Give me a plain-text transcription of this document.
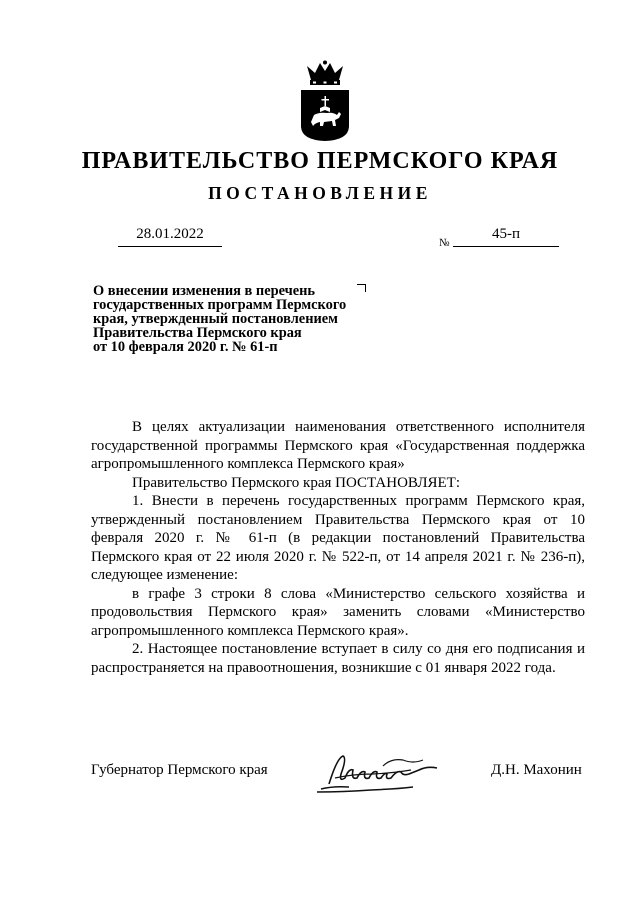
ПРАВИТЕЛЬСТВО ПЕРМСКОГО КРАЯ
ПОСТАНОВЛЕНИЕ
28.01.2022
№
45-п
О внесении изменения в перечень
государственных программ Пермского
края, утвержденный постановлением
Правительства Пермского края
от 10 февраля 2020 г. № 61-п

В целях актуализации наименования ответственного исполнителя государственной программы Пермского края «Государственная поддержка агропромышленного комплекса Пермского края»

Правительство Пермского края ПОСТАНОВЛЯЕТ:

1. Внести в перечень государственных программ Пермского края, утвержденный постановлением Правительства Пермского края от 10 февраля 2020 г. № 61-п (в редакции постановлений Правительства Пермского края от 22 июля 2020 г. № 522-п, от 14 апреля 2021 г. № 236-п), следующее изменение:

в графе 3 строки 8 слова «Министерство сельского хозяйства и продовольствия Пермского края» заменить словами «Министерство агропромышленного комплекса Пермского края».

2. Настоящее постановление вступает в силу со дня его подписания и распространяется на правоотношения, возникшие с 01 января 2022 года.

Губернатор Пермского края	Д.Н. Махонин
